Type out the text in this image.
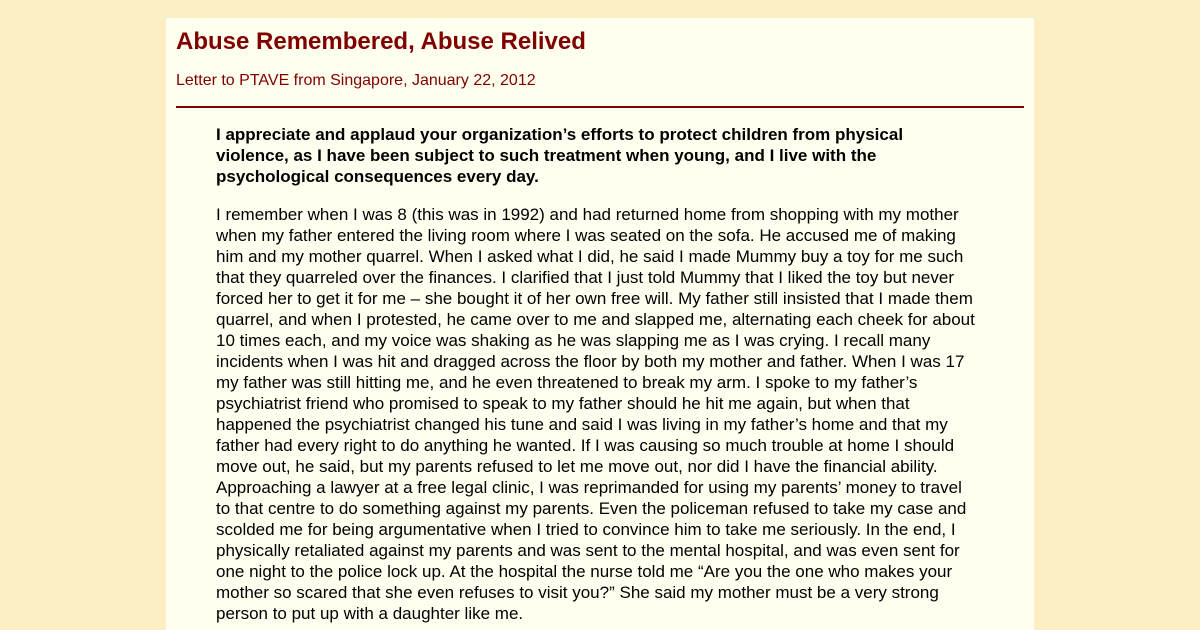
Abuse Remembered, Abuse Relived

Letter to PTAVE from Singapore, January 22, 2012

I appreciate and applaud your organization’s efforts to protect children from physical violence, as I have been subject to such treatment when young, and I live with the psychological consequences every day.

I remember when I was 8 (this was in 1992) and had returned home from shopping with my mother when my father entered the living room where I was seated on the sofa. He accused me of making him and my mother quarrel. When I asked what I did, he said I made Mummy buy a toy for me such that they quarreled over the finances. I clarified that I just told Mummy that I liked the toy but never forced her to get it for me – she bought it of her own free will. My father still insisted that I made them quarrel, and when I protested, he came over to me and slapped me, alternating each cheek for about 10 times each, and my voice was shaking as he was slapping me as I was crying. I recall many incidents when I was hit and dragged across the floor by both my mother and father. When I was 17 my father was still hitting me, and he even threatened to break my arm. I spoke to my father’s psychiatrist friend who promised to speak to my father should he hit me again, but when that happened the psychiatrist changed his tune and said I was living in my father’s home and that my father had every right to do anything he wanted. If I was causing so much trouble at home I should move out, he said, but my parents refused to let me move out, nor did I have the financial ability. Approaching a lawyer at a free legal clinic, I was reprimanded for using my parents’ money to travel to that centre to do something against my parents. Even the policeman refused to take my case and scolded me for being argumentative when I tried to convince him to take me seriously. In the end, I physically retaliated against my parents and was sent to the mental hospital, and was even sent for one night to the police lock up. At the hospital the nurse told me “Are you the one who makes your mother so scared that she even refuses to visit you?” She said my mother must be a very strong person to put up with a daughter like me.
